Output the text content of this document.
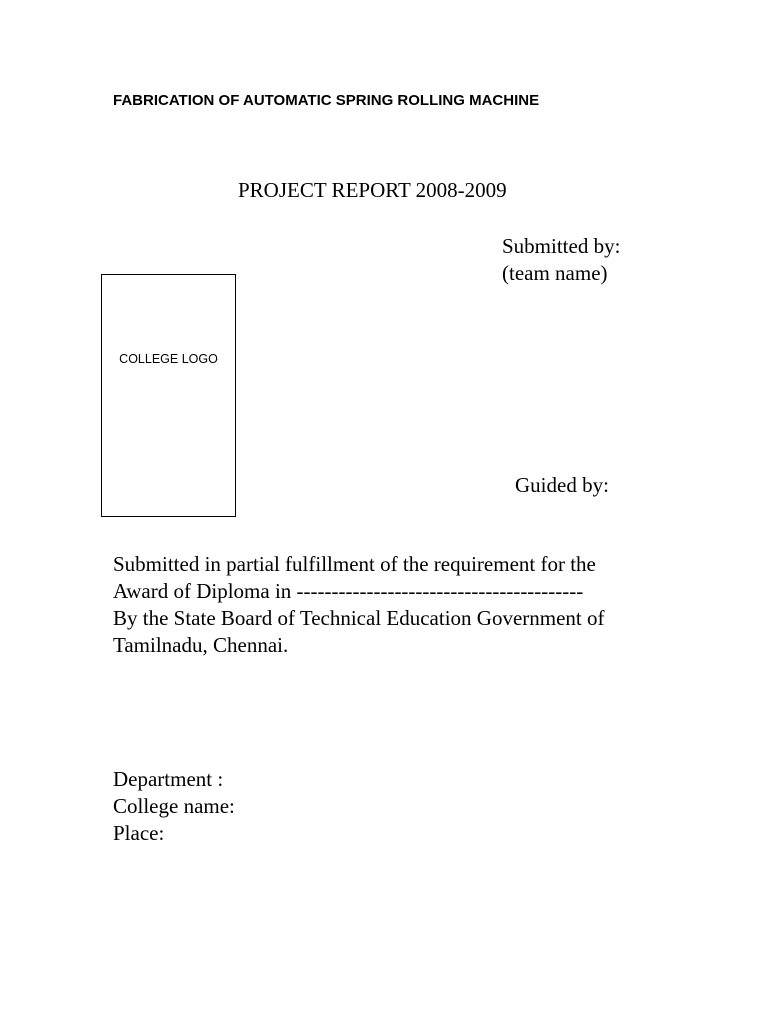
FABRICATION OF AUTOMATIC SPRING ROLLING MACHINE
PROJECT REPORT 2008-2009
Submitted by:
(team name)
COLLEGE LOGO
Guided by:
Submitted in partial fulfillment of the requirement for the
Award of Diploma in -----------------------------------------
By the State Board of Technical Education Government of
Tamilnadu, Chennai.
Department :
College name:
Place:
